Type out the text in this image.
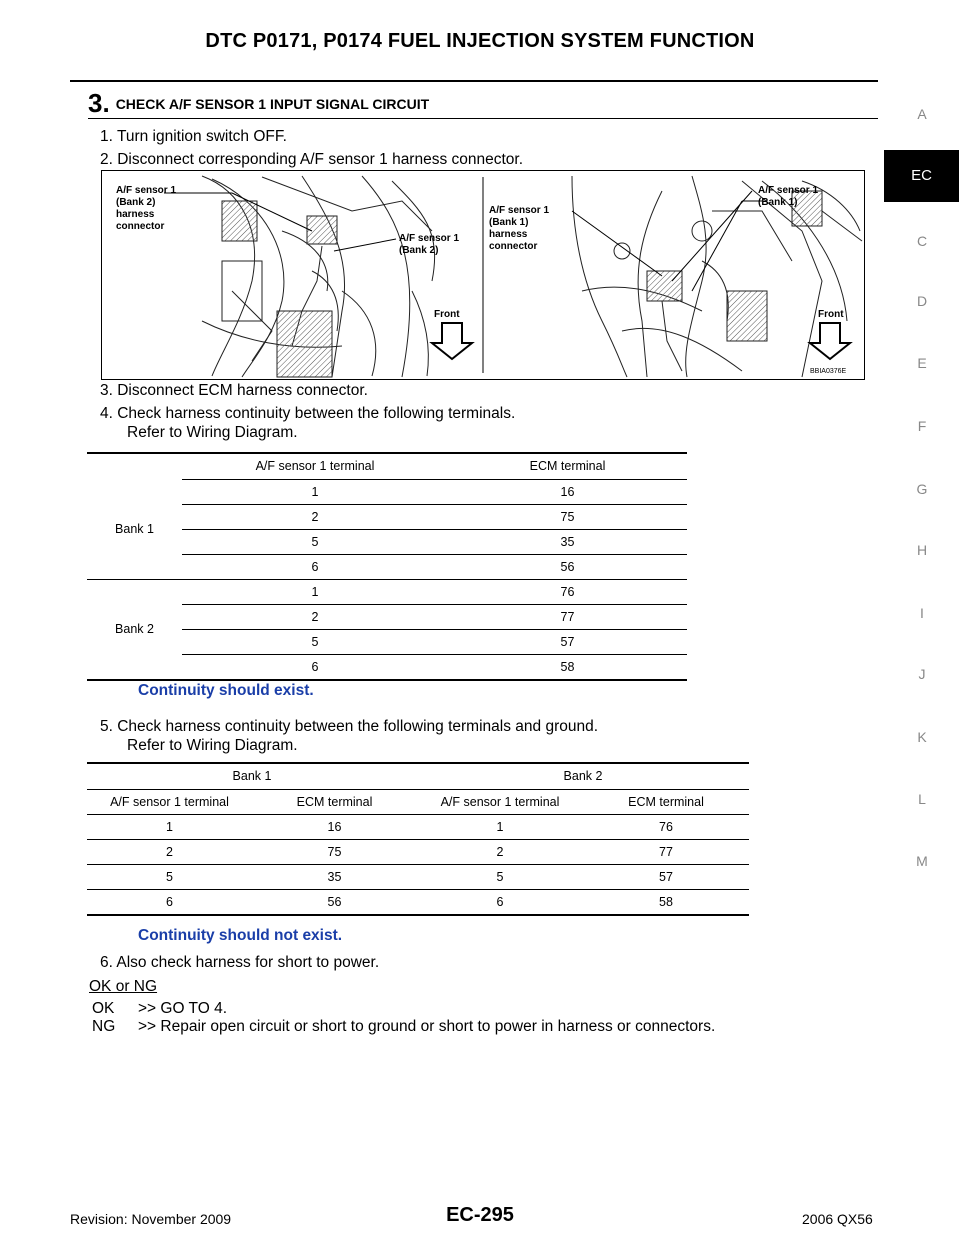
DTC P0171, P0174 FUEL INJECTION SYSTEM FUNCTION
3. CHECK A/F SENSOR 1 INPUT SIGNAL CIRCUIT
1. Turn ignition switch OFF.
2. Disconnect corresponding A/F sensor 1 harness connector.
A/F sensor 1
(Bank 2)
harness
connector
A/F sensor 1
(Bank 2)
Front
A/F sensor 1
(Bank 1)
harness
connector
A/F sensor 1
(Bank 1)
Front
BBIA0376E
3. Disconnect ECM harness connector.
4. Check harness continuity between the following terminals.
Refer to Wiring Diagram.
	A/F sensor 1 terminal	ECM terminal
Bank 1	1	16
	2	75
	5	35
	6	56
Bank 2	1	76
	2	77
	5	57
	6	58
Continuity should exist.
5. Check harness continuity between the following terminals and ground.
Refer to Wiring Diagram.
Bank 1		Bank 2	
A/F sensor 1 terminal	ECM terminal	A/F sensor 1 terminal	ECM terminal
1	16	1	76
2	75	2	77
5	35	5	57
6	56	6	58
Continuity should not exist.
6. Also check harness for short to power.
OK or NG
OK >> GO TO 4.
NG >> Repair open circuit or short to ground or short to power in harness or connectors.
A
EC
C
D
E
F
G
H
I
J
K
L
M
EC-295
Revision: November 2009	2006 QX56
